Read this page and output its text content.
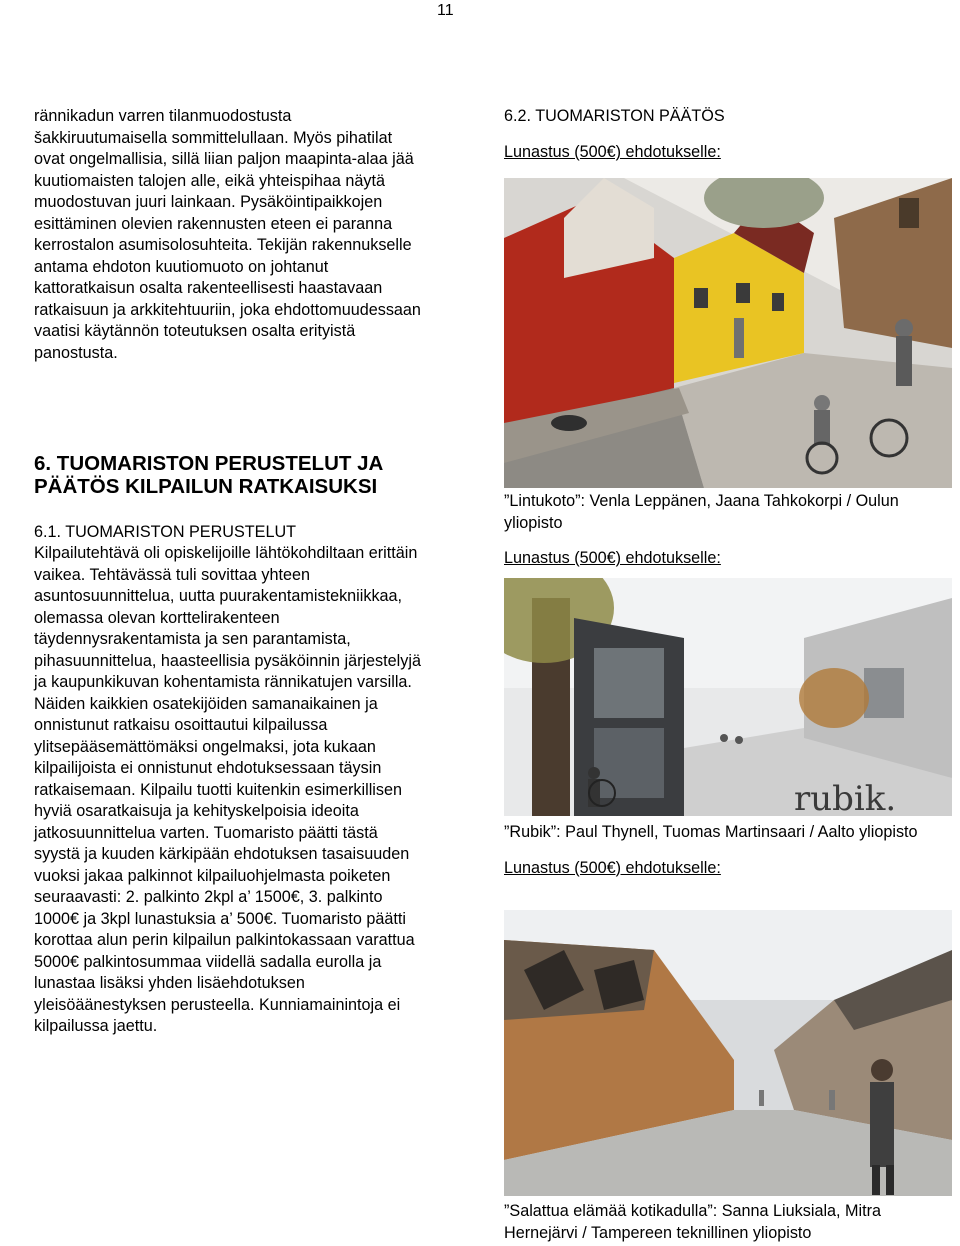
11

rännikadun varren tilanmuodostusta šakkiruutumaisella sommittelullaan. Myös pihatilat ovat ongelmallisia, sillä liian paljon maapinta-alaa jää kuutiomaisten talojen alle, eikä yhteispihaa näytä muodostuvan juuri lainkaan. Pysäköintipaikkojen esittäminen olevien rakennusten eteen ei paranna kerrostalon asumisolosuhteita. Tekijän rakennukselle antama ehdoton kuutiomuoto on johtanut kattoratkaisun osalta rakenteellisesti haastavaan ratkaisuun ja arkkitehtuuriin, joka ehdottomuudessaan vaatisi käytännön toteutuksen osalta erityistä panostusta.

6. TUOMARISTON PERUSTELUT JA PÄÄTÖS KILPAILUN RATKAISUKSI

6.1. TUOMARISTON PERUSTELUT

Kilpailutehtävä oli opiskelijoille lähtökohdiltaan erittäin vaikea. Tehtävässä tuli sovittaa yhteen asuntosuunnittelua, uutta puurakentamistekniikkaa, olemassa olevan korttelirakenteen täydennysrakentamista ja sen parantamista, pihasuunnittelua, haasteellisia pysäköinnin järjestelyjä ja kaupunkikuvan kohentamista rännikatujen varsilla. Näiden kaikkien osatekijöiden samanaikainen ja onnistunut ratkaisu osoittautui kilpailussa ylitsepääsemättömäksi ongelmaksi, jota kukaan kilpailijoista ei onnistunut ehdotuksessaan täysin ratkaisemaan. Kilpailu tuotti kuitenkin esimerkillisen hyviä osaratkaisuja ja kehityskelpoisia ideoita jatkosuunnittelua varten. Tuomaristo päätti tästä syystä ja kuuden kärkipään ehdotuksen tasaisuuden vuoksi jakaa palkinnot kilpailuohjelmasta poiketen seuraavasti: 2. palkinto 2kpl a’ 1500€, 3. palkinto 1000€ ja 3kpl lunastuksia a’ 500€. Tuomaristo päätti korottaa alun perin kilpailun palkintokassaan varattua 5000€ palkintosummaa viidellä sadalla eurolla ja lunastaa lisäksi yhden lisäehdotuksen yleisöäänestyksen perusteella. Kunniamainintoja ei kilpailussa jaettu.

6.2. TUOMARISTON PÄÄTÖS

Lunastus (500€) ehdotukselle:

”Lintukoto”: Venla Leppänen, Jaana Tahkokorpi / Oulun yliopisto

Lunastus (500€) ehdotukselle:

rubik.

”Rubik”: Paul Thynell, Tuomas Martinsaari / Aalto yliopisto

Lunastus (500€) ehdotukselle:

”Salattua elämää kotikadulla”: Sanna Liuksiala, Mitra Hernejärvi / Tampereen teknillinen yliopisto
